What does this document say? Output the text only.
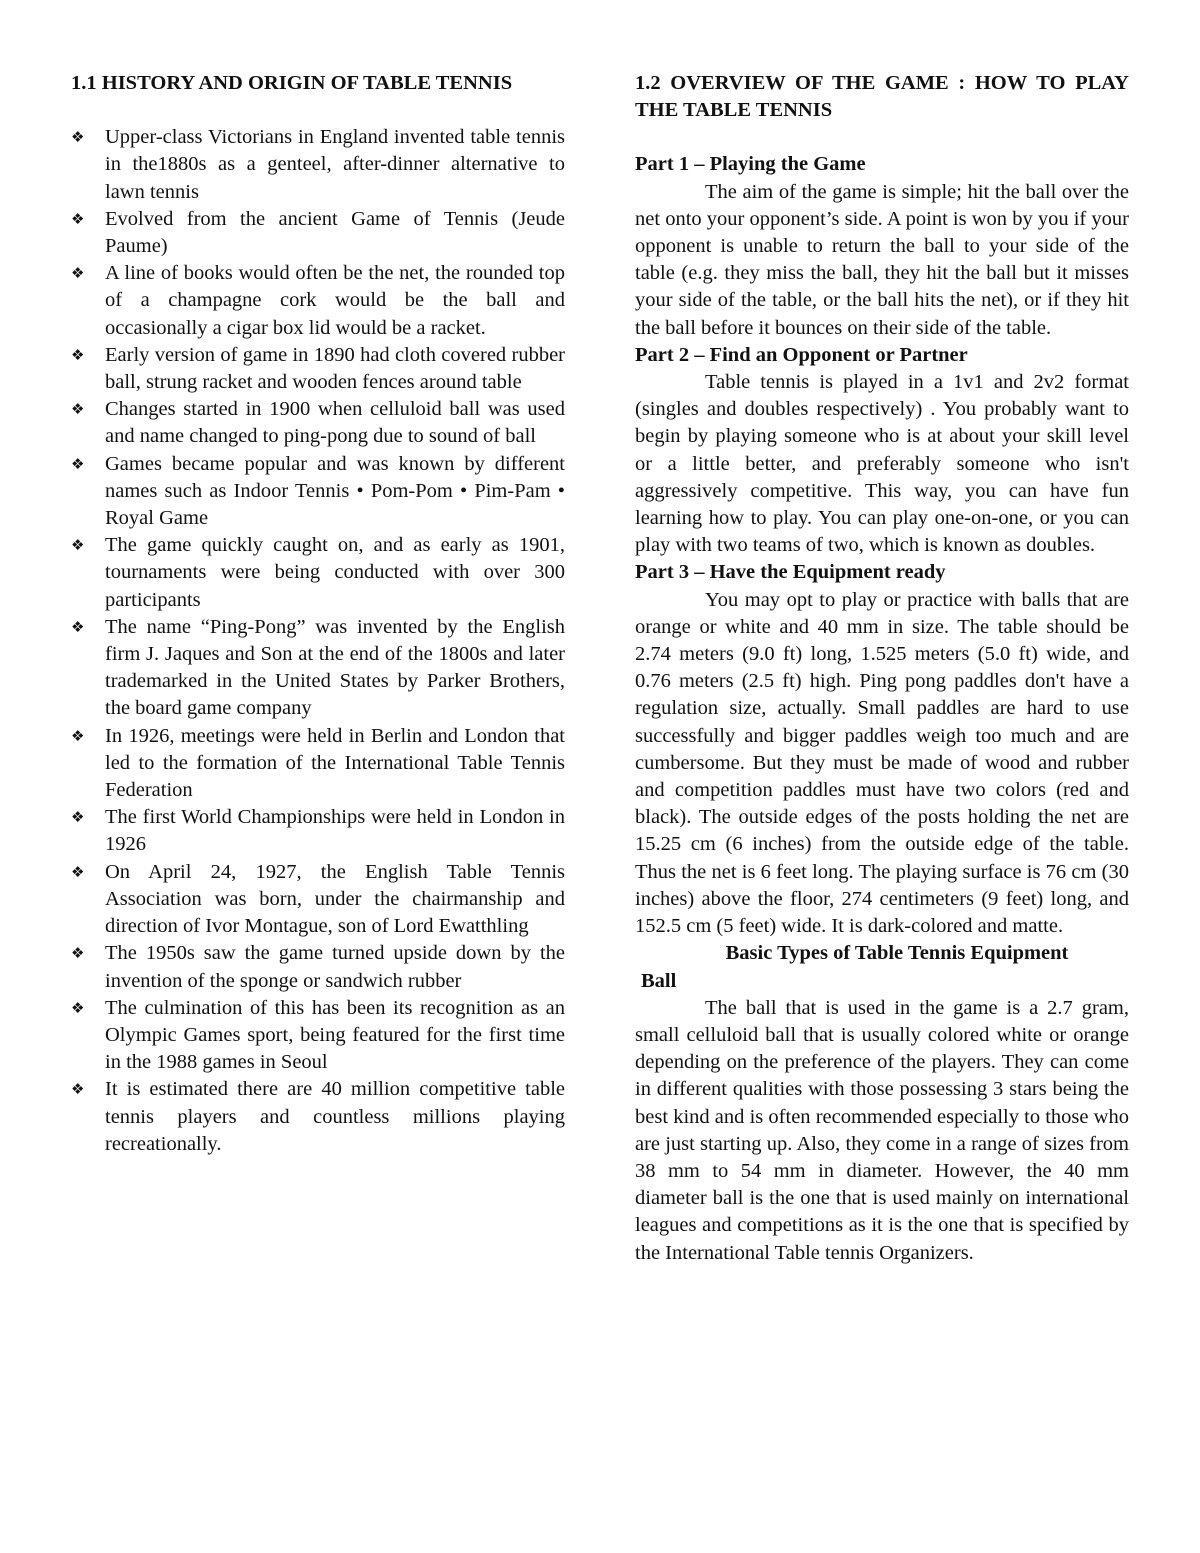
1.1 HISTORY AND ORIGIN OF TABLE TENNIS
❖ Upper-class Victorians in England invented table tennis in the1880s as a genteel, after-dinner alternative to lawn tennis
❖ Evolved from the ancient Game of Tennis (Jeude Paume)
❖ A line of books would often be the net, the rounded top of a champagne cork would be the ball and occasionally a cigar box lid would be a racket.
❖ Early version of game in 1890 had cloth covered rubber ball, strung racket and wooden fences around table
❖ Changes started in 1900 when celluloid ball was used and name changed to ping-pong due to sound of ball
❖ Games became popular and was known by different names such as Indoor Tennis • Pom-Pom • Pim-Pam • Royal Game
❖ The game quickly caught on, and as early as 1901, tournaments were being conducted with over 300 participants
❖ The name “Ping-Pong” was invented by the English firm J. Jaques and Son at the end of the 1800s and later trademarked in the United States by Parker Brothers, the board game company
❖ In 1926, meetings were held in Berlin and London that led to the formation of the International Table Tennis Federation
❖ The first World Championships were held in London in 1926
❖ On April 24, 1927, the English Table Tennis Association was born, under the chairmanship and direction of Ivor Montague, son of Lord Ewatthling
❖ The 1950s saw the game turned upside down by the invention of the sponge or sandwich rubber
❖ The culmination of this has been its recognition as an Olympic Games sport, being featured for the first time in the 1988 games in Seoul
❖ It is estimated there are 40 million competitive table tennis players and countless millions playing recreationally.
1.2 OVERVIEW OF THE GAME : HOW TO PLAY THE TABLE TENNIS
Part 1 – Playing the Game
The aim of the game is simple; hit the ball over the net onto your opponent’s side. A point is won by you if your opponent is unable to return the ball to your side of the table (e.g. they miss the ball, they hit the ball but it misses your side of the table, or the ball hits the net), or if they hit the ball before it bounces on their side of the table.
Part 2 – Find an Opponent or Partner
Table tennis is played in a 1v1 and 2v2 format (singles and doubles respectively) . You probably want to begin by playing someone who is at about your skill level or a little better, and preferably someone who isn't aggressively competitive. This way, you can have fun learning how to play. You can play one-on-one, or you can play with two teams of two, which is known as doubles.
Part 3 – Have the Equipment ready
You may opt to play or practice with balls that are orange or white and 40 mm in size. The table should be 2.74 meters (9.0 ft) long, 1.525 meters (5.0 ft) wide, and 0.76 meters (2.5 ft) high. Ping pong paddles don't have a regulation size, actually. Small paddles are hard to use successfully and bigger paddles weigh too much and are cumbersome. But they must be made of wood and rubber and competition paddles must have two colors (red and black). The outside edges of the posts holding the net are 15.25 cm (6 inches) from the outside edge of the table. Thus the net is 6 feet long. The playing surface is 76 cm (30 inches) above the floor, 274 centimeters (9 feet) long, and 152.5 cm (5 feet) wide. It is dark-colored and matte.
Basic Types of Table Tennis Equipment
Ball
The ball that is used in the game is a 2.7 gram, small celluloid ball that is usually colored white or orange depending on the preference of the players. They can come in different qualities with those possessing 3 stars being the best kind and is often recommended especially to those who are just starting up. Also, they come in a range of sizes from 38 mm to 54 mm in diameter. However, the 40 mm diameter ball is the one that is used mainly on international leagues and competitions as it is the one that is specified by the International Table tennis Organizers.
